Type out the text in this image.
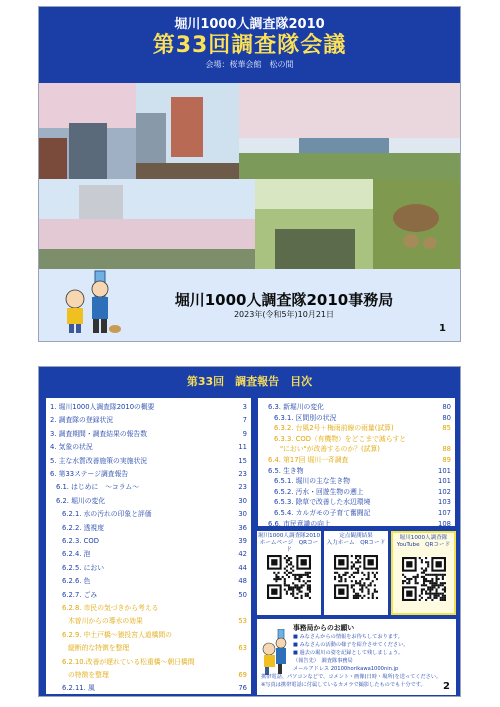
堀川1000人調査隊2010
第33回調査隊会議
会場：桜華会館　松の間
堀川1000人調査隊2010事務局
2023年(令和5年)10月21日
1
第33回　調査報告　目次
1. 堀川1000人調査隊2010の概要	3
2. 調査隊の登録状況	7
3. 調査期間・調査結果の報告数	9
4. 気象の状況	11
5. 主な水質改善施策の実施状況	15
6. 第33ステージ調査報告	23
6.1. はじめに　～コラム～	23
6.2. 堀川の変化	30
6.2.1. 水の汚れの印象と評価	30
6.2.2. 透視度	36
6.2.3. COD	39
6.2.4. 泡	42
6.2.5. におい	44
6.2.6. 色	48
6.2.7. ごみ	50
6.2.8. 市民の気づきから考える
木曽川からの導水の効果	53
6.2.9. 中土戸橋～猿投宮人道橋間の
縦断的な特徴を整理	63
6.2.10.改善が遅れている松重橋～朝日橋間
の特徴を整理	69
6.2.11. 風	76
6.3. 新堀川の変化	80
6.3.1. 区間別の状況	80
6.3.2. 台風2号＋梅雨前線の雨量(試算)	85
6.3.3. COD（有機物）をどこまで減らすと
"におい"が改善するのか？(試算)	88
6.4. 第17回 堀川一斉調査	89
6.5. 生き物	101
6.5.1. 堀川の主な生き物	101
6.5.2. 汚水・回遊生物の遡上	102
6.5.3. 除草で改善した水辺環境	103
6.5.4. カルガモの子育て奮闘記	107
6.6. 市民意識の向上	108
堀川1000人調査隊2010
ホームページ　QRコード
定点観測結果
入力ホーム　QRコード
堀川1000人調査隊
YouTube　QRコード
事務局からのお願い
■ みなさんからの情報をお待ちしております。
■ みなさんの活動の様子を紹介させてください。
■ 過去の堀川の姿を記録として残しましょう。
（報告先）　調査隊事務局
メールアドレス 20100horikawa1000nin.jp
携帯電話、パソコンなどで、コメント・画像(日時・場所)を送ってください。
※写真は携帯電話に付属しているカメラで撮影したものでも十分です。 2
